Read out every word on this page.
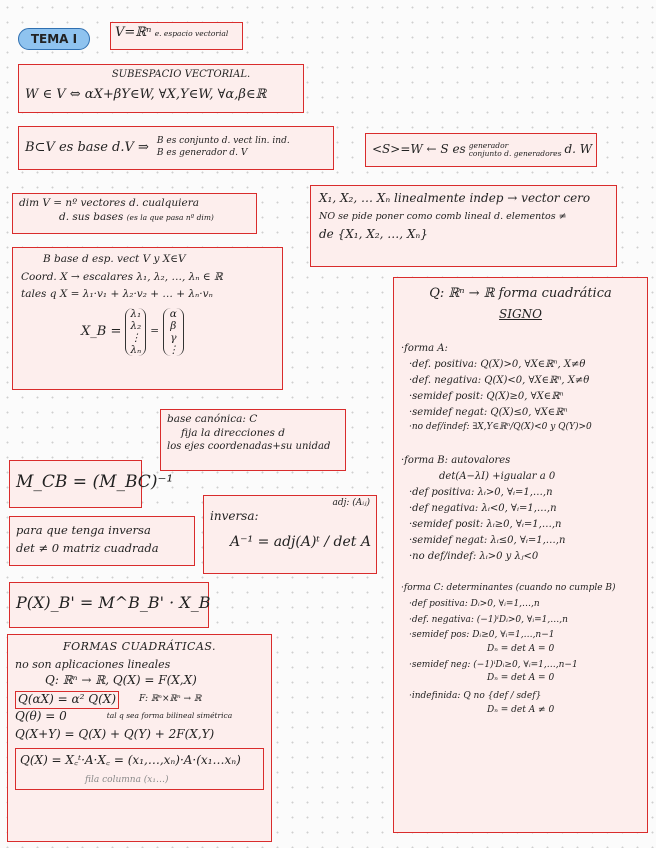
TEMA I	V=ℝⁿ e. espacio vectorial
SUBESPACIO VECTORIAL.
W ∈ V ⇔ αX+βY∈W, ∀X,Y∈W, ∀α,β∈ℝ
B⊂V es base d.V ⇒ B es conjunto d. vect lin. ind.
B es generador d. V	<S>=W ← S es generador
conjunto d. generadores d. W
dim V = nº vectores d. cualquiera
d. sus bases (es la que pasa nº dim)
X₁, X₂, … Xₙ linealmente indep → vector cero
NO se pide poner como comb lineal d. elementos ≠
de {X₁, X₂, …, Xₙ}
B base d esp. vect V y X∈V
Coord. X → escalares λ₁, λ₂, …, λₙ ∈ ℝ
tales q X = λ₁·v₁ + λ₂·v₂ + … + λₙ·vₙ
X_B =
λ₁
λ₂
⋮
λₙ
=
α
β
γ
⋮
base canónica: C
fija la direcciones d
los ejes coordenadas+su unidad
M_CB = (M_BC)⁻¹
inversa:
adj: (Aᵢⱼ)
A⁻¹ = adj(A)ᵗ / det A
para que tenga inversa
det ≠ 0 matriz cuadrada
P(X)_B' = M^B_B' · X_B
FORMAS CUADRÁTICAS.
no son aplicaciones lineales
Q: ℝⁿ → ℝ, Q(X) = F(X,X)
Q(αX) = α² Q(X)	F: ℝⁿ×ℝⁿ → ℝ
Q(θ) = 0	tal q sea forma bilineal simétrica
Q(X+Y) = Q(X) + Q(Y) + 2F(X,Y)
Q(X) = X꜀ᵗ·A·X꜀ = (x₁,…,xₙ)·A·(x₁…xₙ)
fila columna (x₁…)
Q: ℝⁿ → ℝ forma cuadrática
SIGNO
·forma A:
·def. positiva: Q(X)>0, ∀X∈ℝⁿ, X≠θ
·def. negativa: Q(X)<0, ∀X∈ℝⁿ, X≠θ
·semidef posit: Q(X)≥0, ∀X∈ℝⁿ
·semidef negat: Q(X)≤0, ∀X∈ℝⁿ
·no def/indef: ∃X,Y∈ℝⁿ/Q(X)<0 y Q(Y)>0
·forma B: autovalores
det(A−λI) +igualar a 0
·def positiva: λᵢ>0, ∀ᵢ=1,…,n
·def negativa: λᵢ<0, ∀ᵢ=1,…,n
·semidef posit: λᵢ≥0, ∀ᵢ=1,…,n
·semidef negat: λᵢ≤0, ∀ᵢ=1,…,n
·no def/indef: λᵢ>0 y λⱼ<0
·forma C: determinantes (cuando no cumple B)
·def positiva: Dᵢ>0, ∀ᵢ=1,…,n
·def. negativa: (−1)ⁱDᵢ>0, ∀ᵢ=1,…,n
·semidef pos: Dᵢ≥0, ∀ᵢ=1,…,n−1
Dₙ = det A = 0
·semidef neg: (−1)ⁱDᵢ≥0, ∀ᵢ=1,…,n−1
Dₙ = det A = 0
·indefinida: Q no {def / sdef}
Dₙ = det A ≠ 0
